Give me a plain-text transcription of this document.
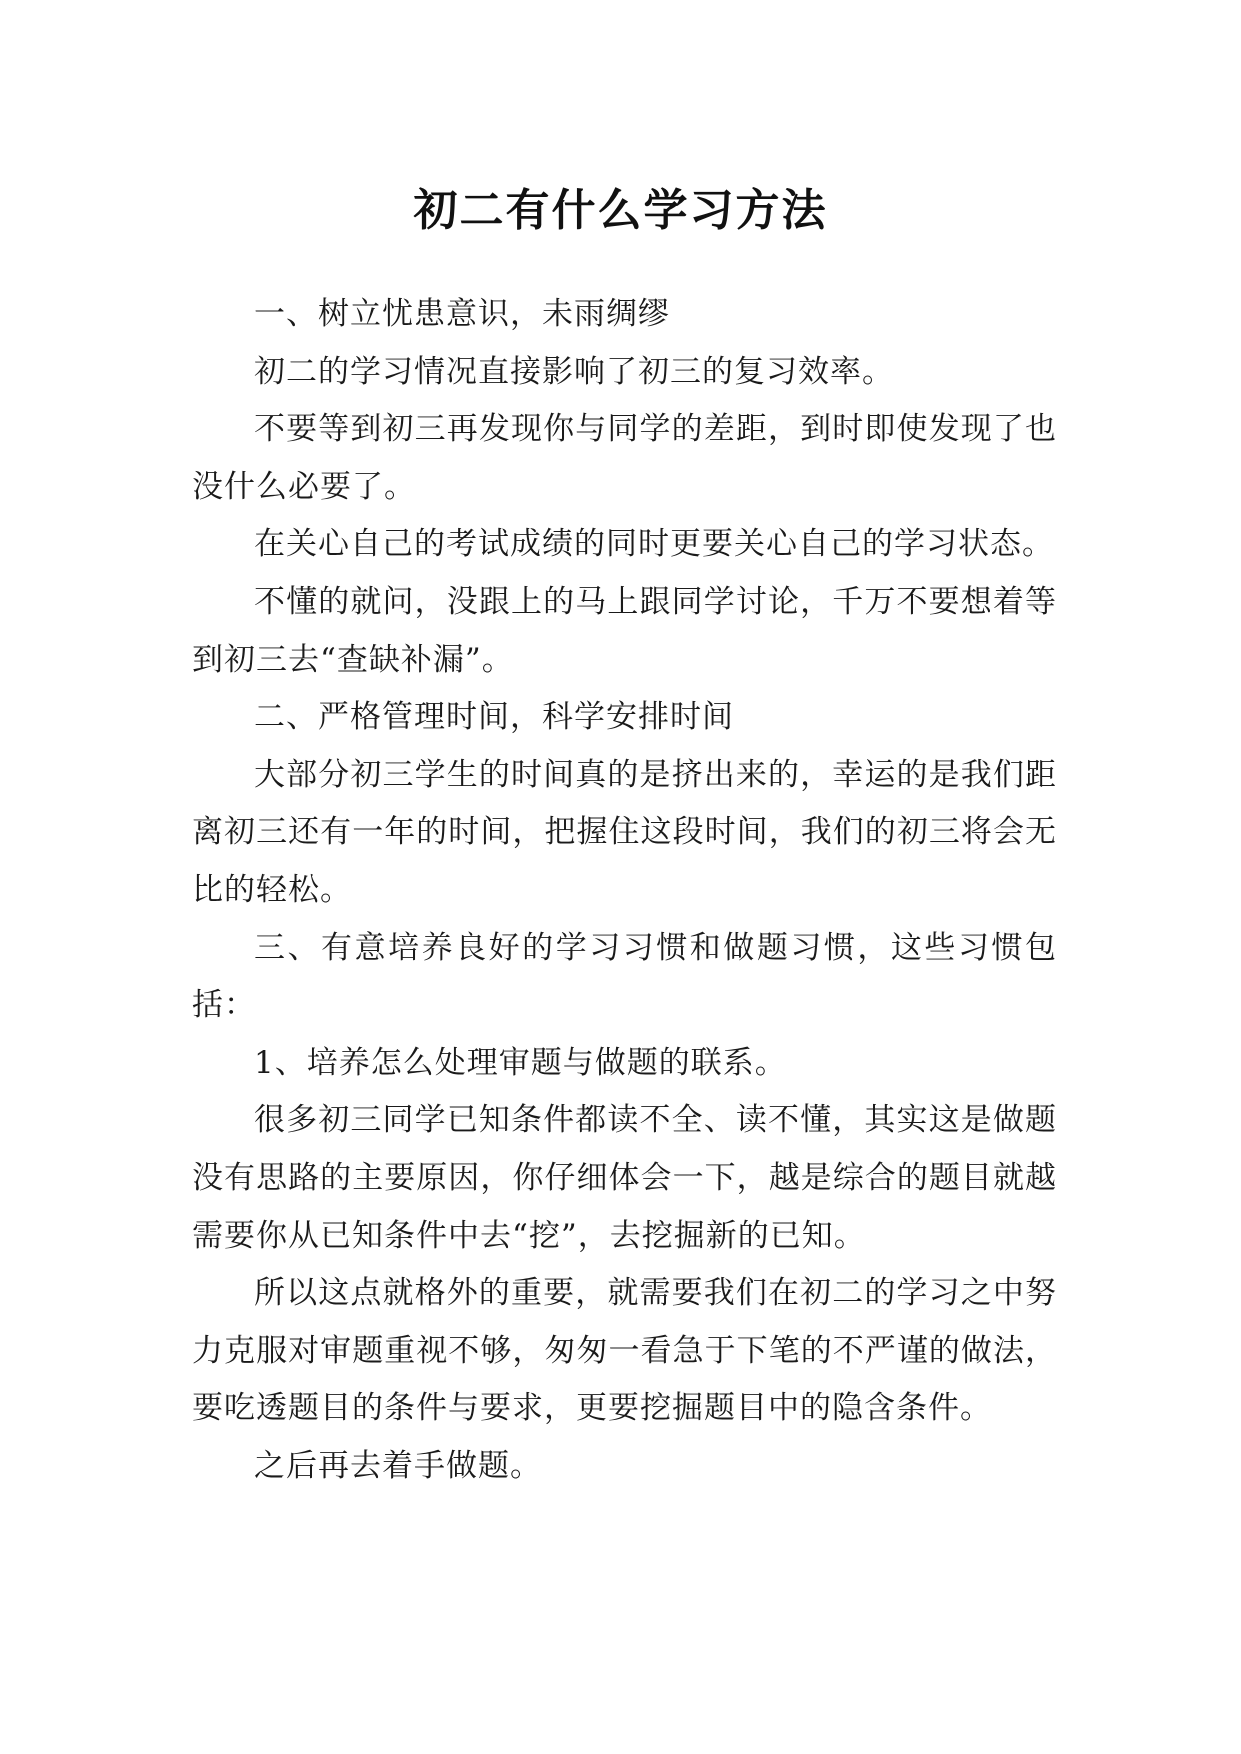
初二有什么学习方法

一、树立忧患意识，未雨绸缪

初二的学习情况直接影响了初三的复习效率。

不要等到初三再发现你与同学的差距，到时即使发现了也没什么必要了。

在关心自己的考试成绩的同时更要关心自己的学习状态。

不懂的就问，没跟上的马上跟同学讨论，千万不要想着等到初三去“查缺补漏”。

二、严格管理时间，科学安排时间

大部分初三学生的时间真的是挤出来的，幸运的是我们距离初三还有一年的时间，把握住这段时间，我们的初三将会无比的轻松。

三、有意培养良好的学习习惯和做题习惯，这些习惯包括：

1、培养怎么处理审题与做题的联系。

很多初三同学已知条件都读不全、读不懂，其实这是做题没有思路的主要原因，你仔细体会一下，越是综合的题目就越需要你从已知条件中去“挖”，去挖掘新的已知。

所以这点就格外的重要，就需要我们在初二的学习之中努力克服对审题重视不够，匆匆一看急于下笔的不严谨的做法，要吃透题目的条件与要求，更要挖掘题目中的隐含条件。

之后再去着手做题。
